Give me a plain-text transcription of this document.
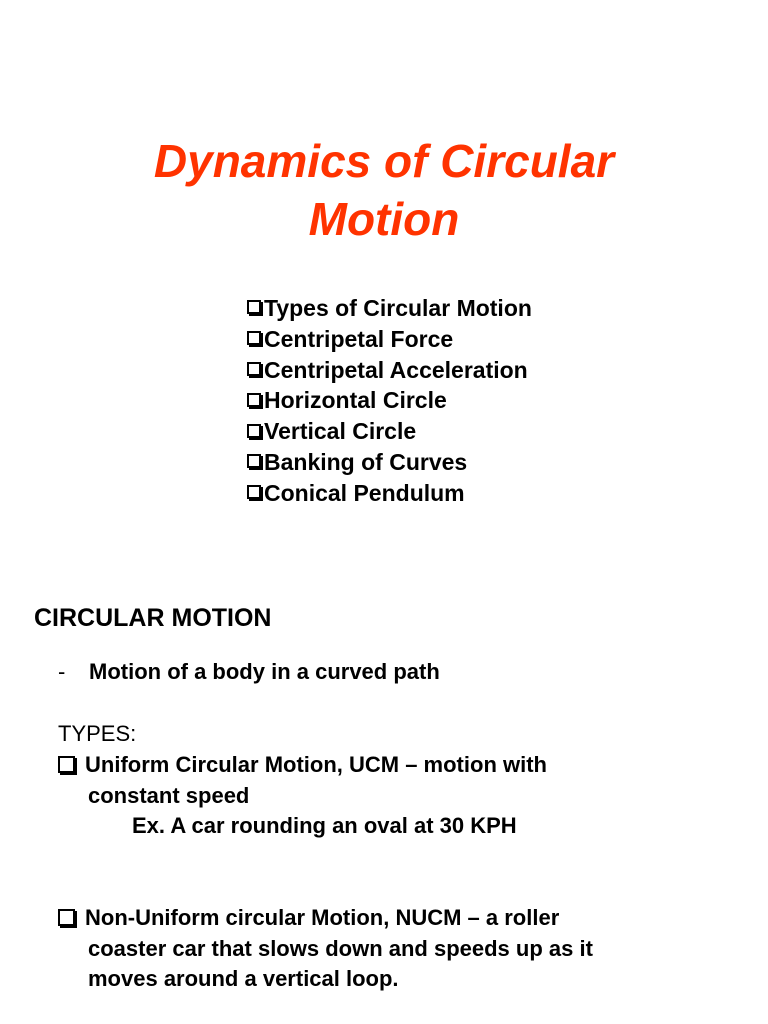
Dynamics of Circular
Motion
Types of Circular Motion
Centripetal Force
Centripetal Acceleration
Horizontal Circle
Vertical Circle
Banking of Curves
Conical Pendulum
CIRCULAR MOTION
- Motion of a body in a curved path
TYPES:
Uniform Circular Motion, UCM – motion with
constant speed
Ex. A car rounding an oval at 30 KPH
Non-Uniform circular Motion, NUCM – a roller
coaster car that slows down and speeds up as it
moves around a vertical loop.
